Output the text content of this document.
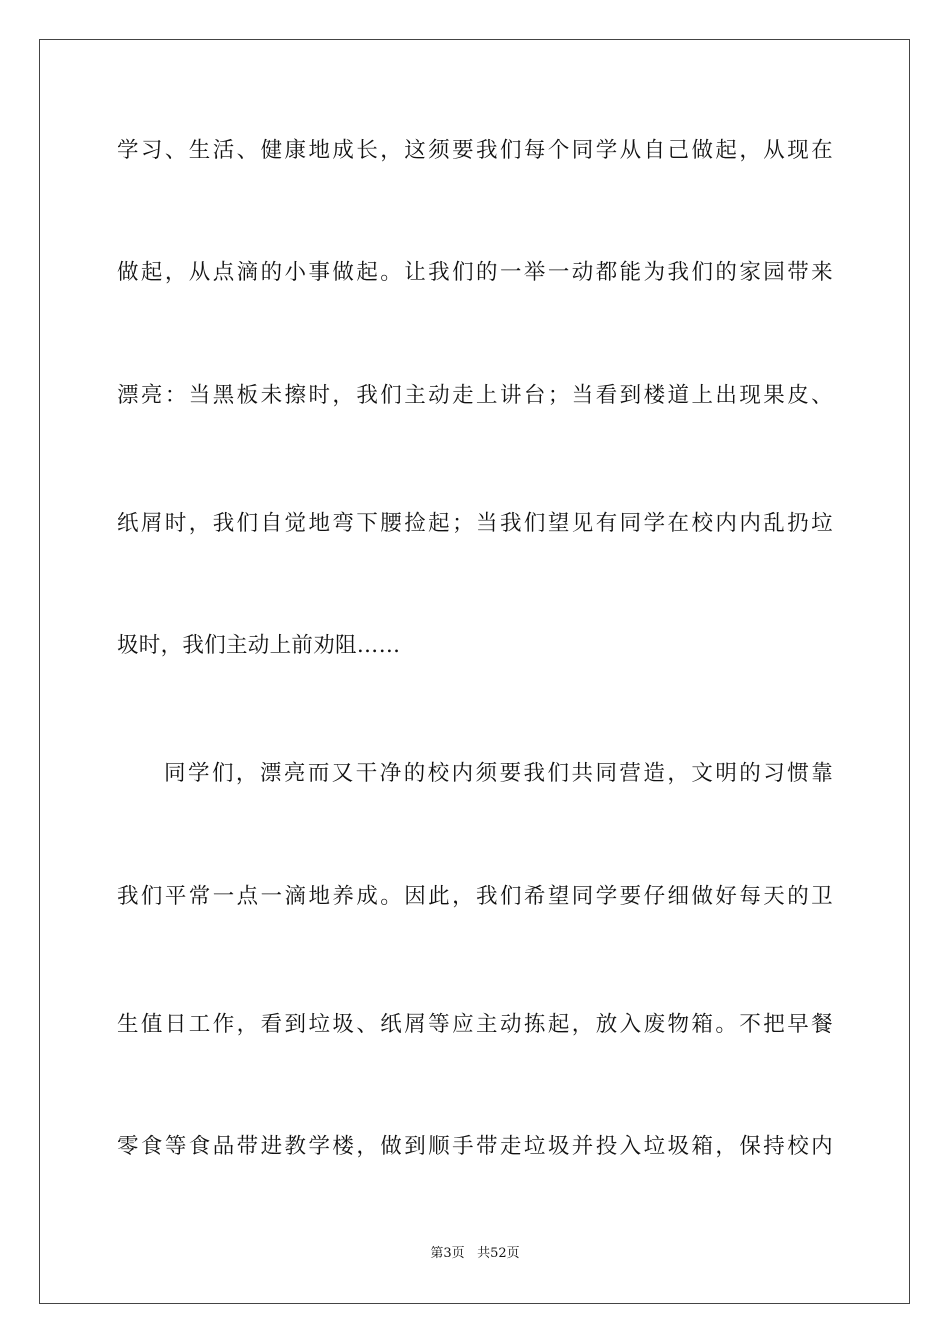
学习、生活、健康地成长，这须要我们每个同学从自己做起，从现在
做起，从点滴的小事做起。让我们的一举一动都能为我们的家园带来
漂亮：当黑板未擦时，我们主动走上讲台；当看到楼道上出现果皮、
纸屑时，我们自觉地弯下腰捡起；当我们望见有同学在校内内乱扔垃
圾时，我们主动上前劝阻……
同学们，漂亮而又干净的校内须要我们共同营造，文明的习惯靠
我们平常一点一滴地养成。因此，我们希望同学要仔细做好每天的卫
生值日工作，看到垃圾、纸屑等应主动拣起，放入废物箱。不把早餐
零食等食品带进教学楼，做到顺手带走垃圾并投入垃圾箱，保持校内
第3页 共52页
